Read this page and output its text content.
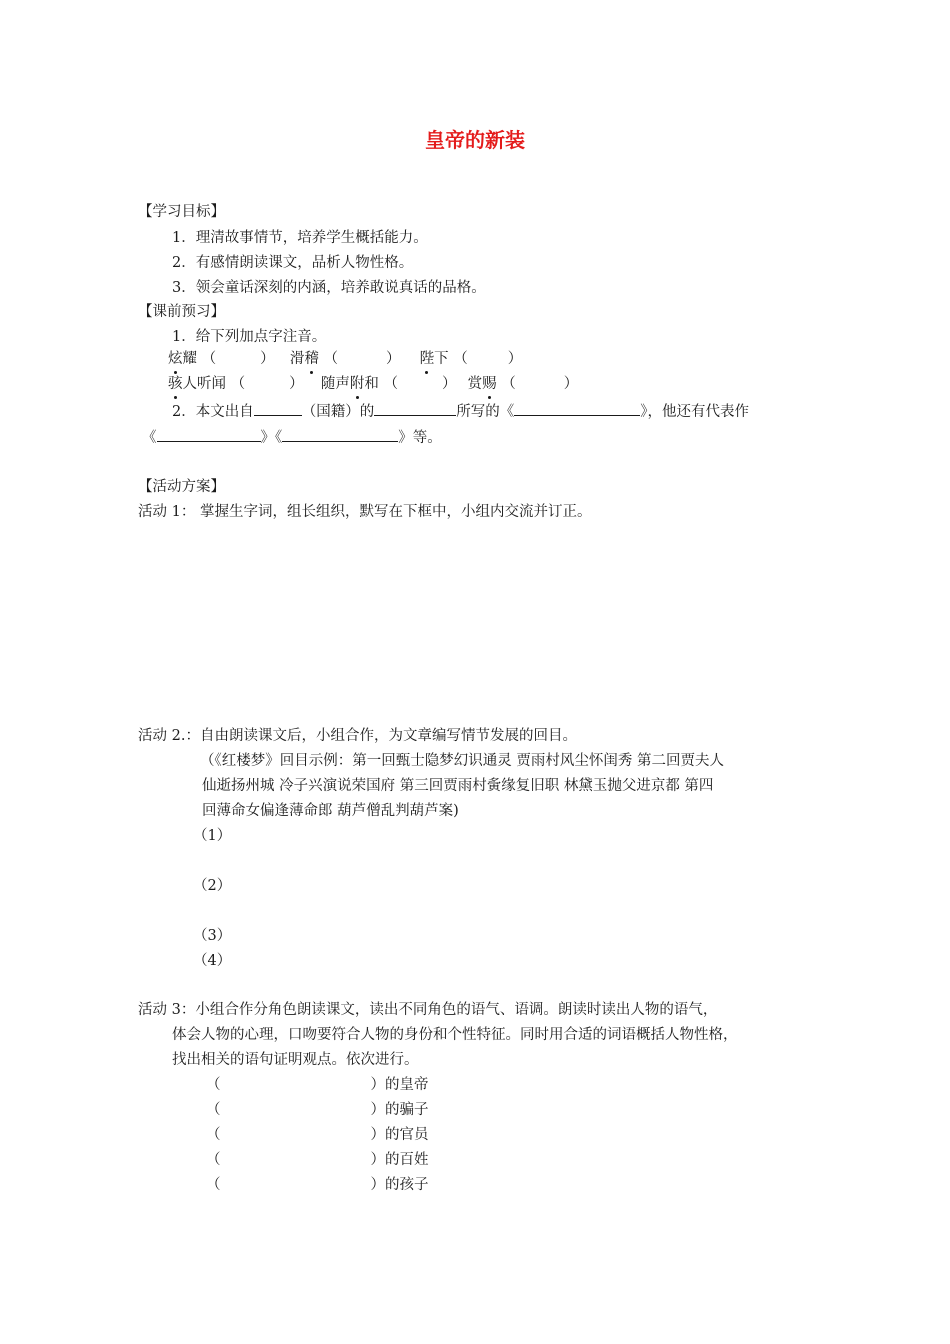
皇帝的新装
【学习目标】
1．理清故事情节，培养学生概括能力。
2．有感情朗读课文，品析人物性格。
3．领会童话深刻的内涵，培养敢说真话的品格。
【课前预习】
1．给下列加点字注音。
炫耀 （	） 滑稽 （	） 陛下 （	）
骇人听闻 （	） 随声附和 （	） 赏赐 （	）
2．本文出自	（国籍）的	所写的《	》，他还有代表作
《	》《	》等。
【活动方案】
活动 1： 掌握生字词，组长组织，默写在下框中，小组内交流并订正。
活动 2.：自由朗读课文后，小组合作，为文章编写情节发展的回目。
（《红楼梦》回目示例：第一回甄士隐梦幻识通灵 贾雨村风尘怀闺秀 第二回贾夫人
仙逝扬州城 冷子兴演说荣国府 第三回贾雨村夤缘复旧职 林黛玉抛父进京都 第四
回薄命女偏逢薄命郎 葫芦僧乱判葫芦案)
（1）
（2）
（3）
（4）
活动 3：小组合作分角色朗读课文，读出不同角色的语气、语调。朗读时读出人物的语气，
体会人物的心理，口吻要符合人物的身份和个性特征。同时用合适的词语概括人物性格，
找出相关的语句证明观点。依次进行。
（	）的皇帝
（	）的骗子
（	）的官员
（	）的百姓
（	）的孩子
